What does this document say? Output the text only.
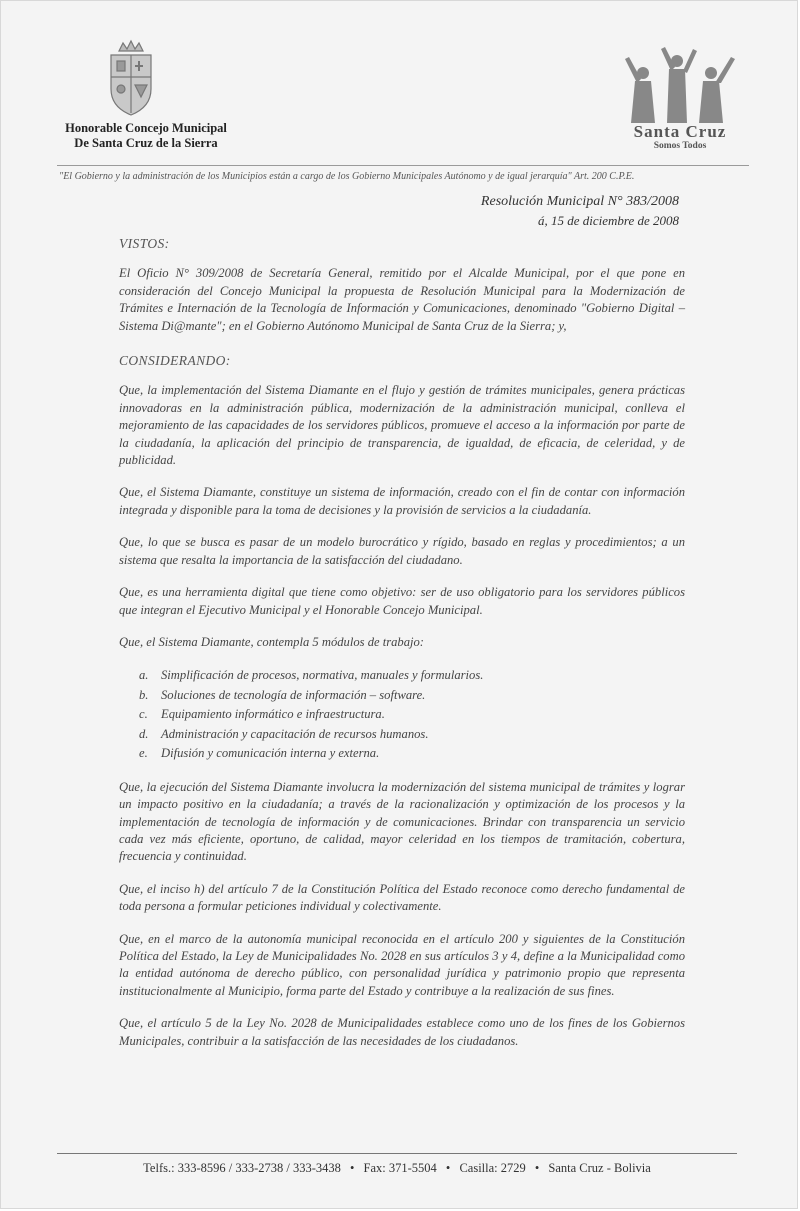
Honorable Concejo Municipal
De Santa Cruz de la Sierra
Santa Cruz
Somos Todos
"El Gobierno y la administración de los Municipios están a cargo de los Gobierno Municipales Autónomo y de igual jerarquía" Art. 200 C.P.E.
Resolución Municipal N° 383/2008
á, 15 de diciembre de 2008
VISTOS:

El Oficio N° 309/2008 de Secretaría General, remitido por el Alcalde Municipal, por el que pone en consideración del Concejo Municipal la propuesta de Resolución Municipal para la Modernización de Trámites e Internación de la Tecnología de Información y Comunicaciones, denominado "Gobierno Digital – Sistema Di@mante"; en el Gobierno Autónomo Municipal de Santa Cruz de la Sierra; y,

CONSIDERANDO:

Que, la implementación del Sistema Diamante en el flujo y gestión de trámites municipales, genera prácticas innovadoras en la administración pública, modernización de la administración municipal, conlleva el mejoramiento de las capacidades de los servidores públicos, promueve el acceso a la información por parte de la ciudadanía, la aplicación del principio de transparencia, de igualdad, de eficacia, de celeridad, y de publicidad.

Que, el Sistema Diamante, constituye un sistema de información, creado con el fin de contar con información integrada y disponible para la toma de decisiones y la provisión de servicios a la ciudadanía.

Que, lo que se busca es pasar de un modelo burocrático y rígido, basado en reglas y procedimientos; a un sistema que resalta la importancia de la satisfacción del ciudadano.

Que, es una herramienta digital que tiene como objetivo: ser de uso obligatorio para los servidores públicos que integran el Ejecutivo Municipal y el Honorable Concejo Municipal.

Que, el Sistema Diamante, contempla 5 módulos de trabajo:

a. Simplificación de procesos, normativa, manuales y formularios.
b. Soluciones de tecnología de información – software.
c.	Equipamiento informático e infraestructura.
d. Administración y capacitación de recursos humanos.
e.	Difusión y comunicación interna y externa.

Que, la ejecución del Sistema Diamante involucra la modernización del sistema municipal de trámites y lograr un impacto positivo en la ciudadanía; a través de la racionalización y optimización de los procesos y la implementación de tecnología de información y de comunicaciones. Brindar con transparencia un servicio cada vez más eficiente, oportuno, de calidad, mayor celeridad en los tiempos de tramitación, cobertura, frecuencia y continuidad.

Que, el inciso h) del artículo 7 de la Constitución Política del Estado reconoce como derecho fundamental de toda persona a formular peticiones individual y colectivamente.

Que, en el marco de la autonomía municipal reconocida en el artículo 200 y siguientes de la Constitución Política del Estado, la Ley de Municipalidades No. 2028 en sus artículos 3 y 4, define a la Municipalidad como la entidad autónoma de derecho público, con personalidad jurídica y patrimonio propio que representa institucionalmente al Municipio, forma parte del Estado y contribuye a la realización de sus fines.

Que, el artículo 5 de la Ley No. 2028 de Municipalidades establece como uno de los fines de los Gobiernos Municipales, contribuir a la satisfacción de las necesidades de los ciudadanos.

Telfs.: 333-8596 / 333-2738 / 333-3438 • Fax: 371-5504 • Casilla: 2729 • Santa Cruz - Bolivia
